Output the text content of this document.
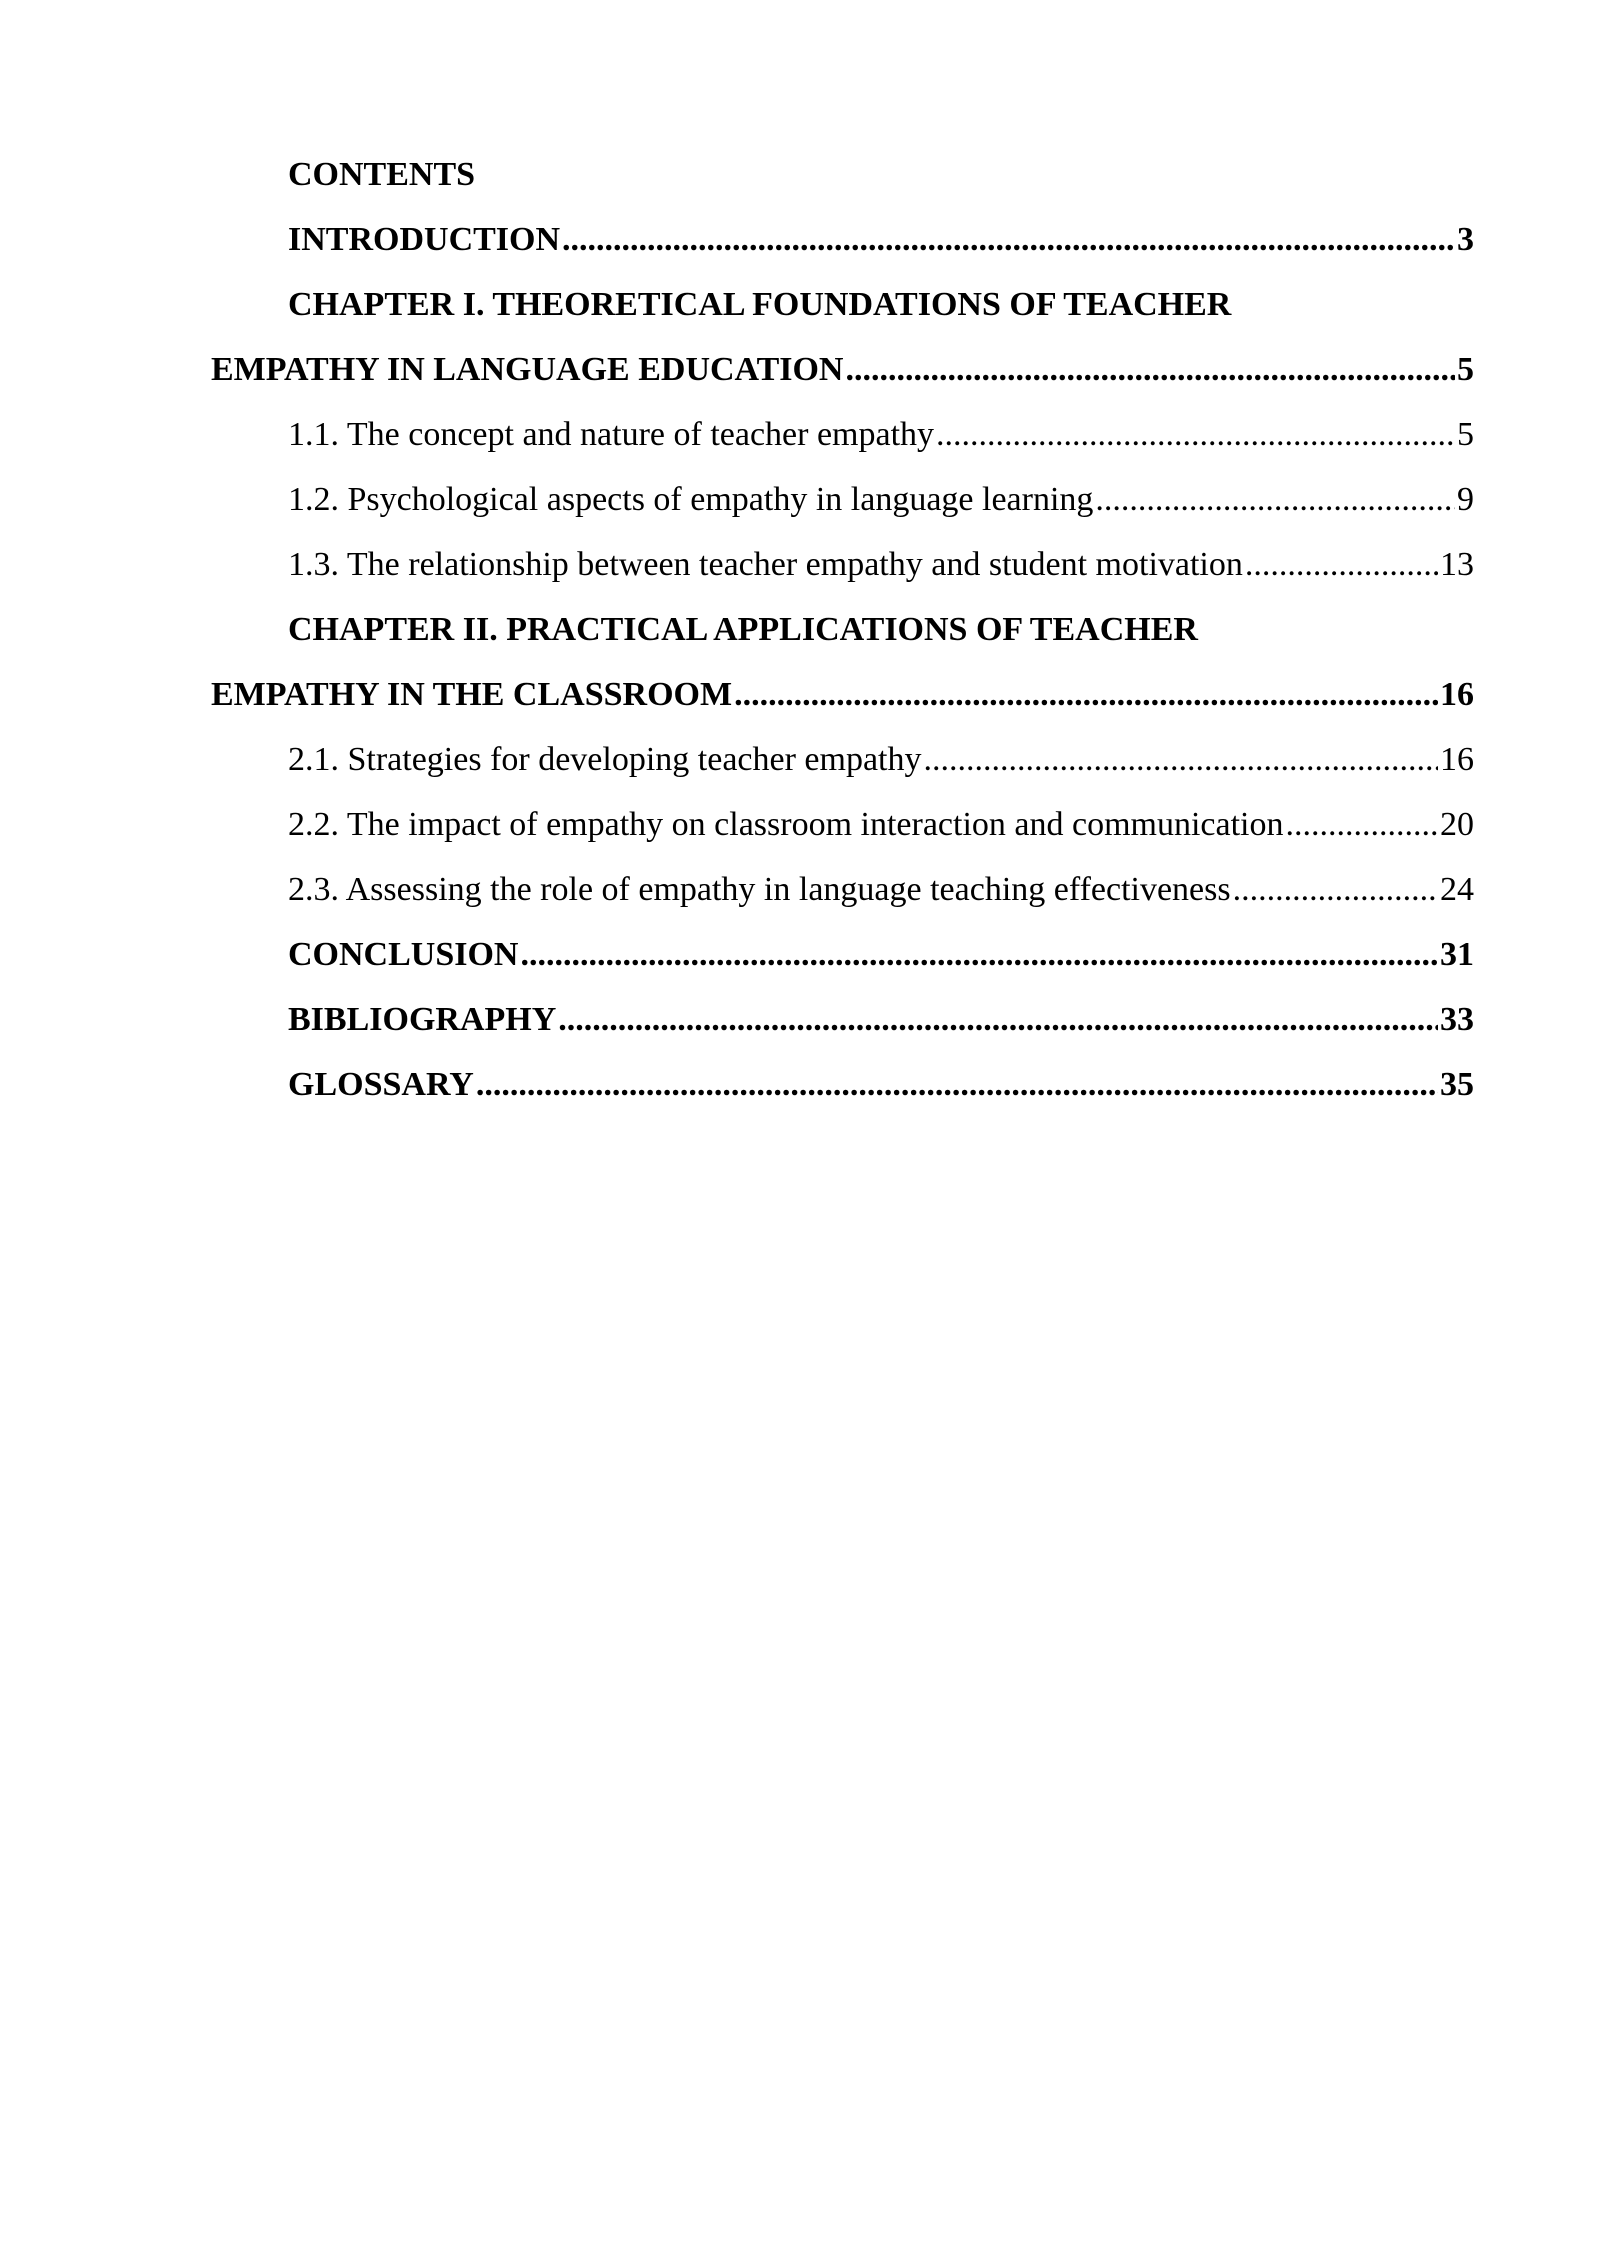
CONTENTS
INTRODUCTION .....	3
CHAPTER I. THEORETICAL FOUNDATIONS OF TEACHER
EMPATHY IN LANGUAGE EDUCATION .....	5
1.1. The concept and nature of teacher empathy .....	5
1.2. Psychological aspects of empathy in language learning .....	9
1.3. The relationship between teacher empathy and student motivation .....	13
CHAPTER II. PRACTICAL APPLICATIONS OF TEACHER
EMPATHY IN THE CLASSROOM .....	16
2.1. Strategies for developing teacher empathy .....	16
2.2. The impact of empathy on classroom interaction and communication .....	20
2.3. Assessing the role of empathy in language teaching effectiveness .....	24
CONCLUSION .....	31
BIBLIOGRAPHY .....	33
GLOSSARY .....	35
